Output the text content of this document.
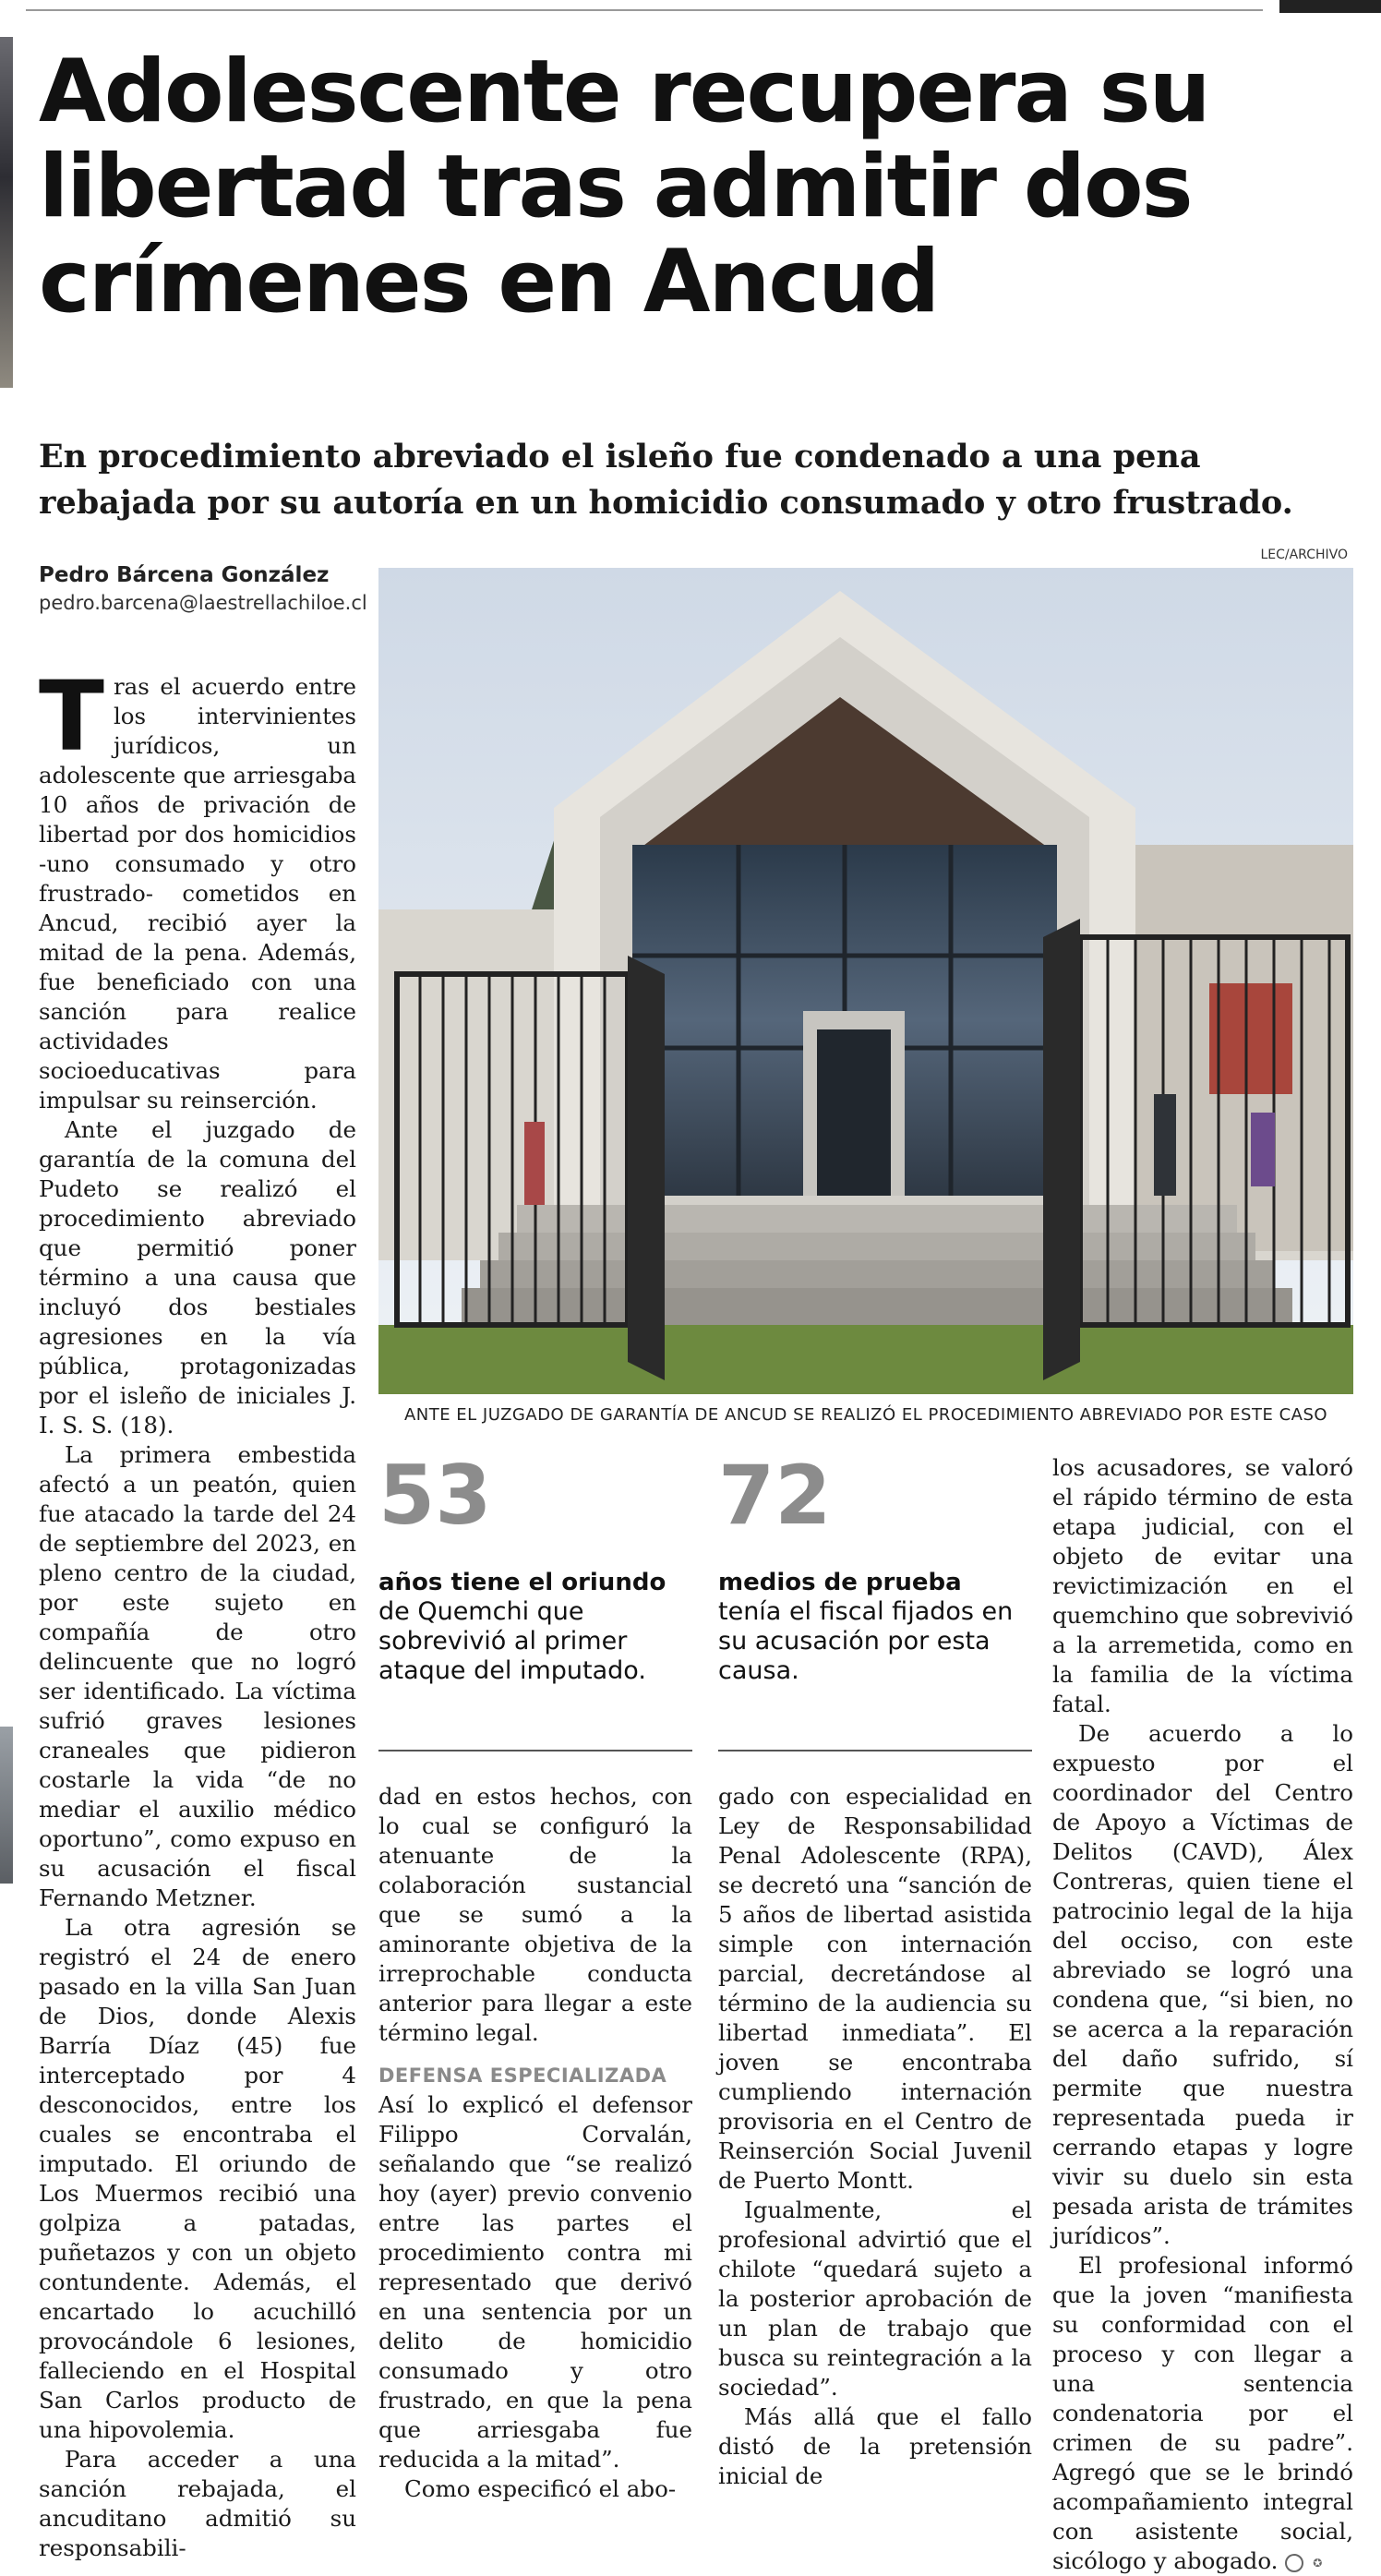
Adolescente recupera su libertad tras admitir dos crímenes en Ancud
En procedimiento abreviado el isleño fue condenado a una pena rebajada por su autoría en un homicidio consumado y otro frustrado.
Pedro Bárcena González
pedro.barcena@laestrellachiloe.cl
LEC/ARCHIVO
ANTE EL JUZGADO DE GARANTÍA DE ANCUD SE REALIZÓ EL PROCEDIMIENTO ABREVIADO POR ESTE CASO

Tras el acuerdo entre los intervinientes jurídicos, un adolescente que arriesgaba 10 años de privación de libertad por dos homicidios -uno consumado y otro frustrado- cometidos en Ancud, recibió ayer la mitad de la pena. Además, fue beneficiado con una sanción para realice actividades socioeducativas para impulsar su reinserción.

Ante el juzgado de garantía de la comuna del Pudeto se realizó el procedimiento abreviado que permitió poner término a una causa que incluyó dos bestiales agresiones en la vía pública, protagonizadas por el isleño de iniciales J. I. S. S. (18).

La primera embestida afectó a un peatón, quien fue atacado la tarde del 24 de septiembre del 2023, en pleno centro de la ciudad, por este sujeto en compañía de otro delincuente que no logró ser identificado. La víctima sufrió graves lesiones craneales que pidieron costarle la vida “de no mediar el auxilio médico oportuno”, como expuso en su acusación el fiscal Fernando Metzner.

La otra agresión se registró el 24 de enero pasado en la villa San Juan de Dios, donde Alexis Barría Díaz (45) fue interceptado por 4 desconocidos, entre los cuales se encontraba el imputado. El oriundo de Los Muermos recibió una golpiza a patadas, puñetazos y con un objeto contundente. Además, el encartado lo acuchilló provocándole 6 lesiones, falleciendo en el Hospital San Carlos producto de una hipovolemia.

Para acceder a una sanción rebajada, el ancuditano admitió su responsabili-

53
años tiene el oriundo
de Quemchi que sobrevivió al primer ataque del imputado.
72
medios de prueba
tenía el fiscal fijados en su acusación por esta causa.

dad en estos hechos, con lo cual se configuró la atenuante de la colaboración sustancial que se sumó a la aminorante objetiva de la irreprochable conducta anterior para llegar a este término legal.

DEFENSA ESPECIALIZADA

Así lo explicó el defensor Filippo Corvalán, señalando que “se realizó hoy (ayer) previo convenio entre las partes el procedimiento contra mi representado que derivó en una sentencia por un delito de homicidio consumado y otro frustrado, en que la pena que arriesgaba fue reducida a la mitad”.

Como especificó el abo-

gado con especialidad en Ley de Responsabilidad Penal Adolescente (RPA), se decretó una “sanción de 5 años de libertad asistida simple con internación parcial, decretándose al término de la audiencia su libertad inmediata”. El joven se encontraba cumpliendo internación provisoria en el Centro de Reinserción Social Juvenil de Puerto Montt.

Igualmente, el profesional advirtió que el chilote “quedará sujeto a la posterior aprobación de un plan de trabajo que busca su reintegración a la sociedad”.

Más allá que el fallo distó de la pretensión inicial de

los acusadores, se valoró el rápido término de esta etapa judicial, con el objeto de evitar una revictimización en el quemchino que sobrevivió a la arremetida, como en la familia de la víctima fatal.

De acuerdo a lo expuesto por el coordinador del Centro de Apoyo a Víctimas de Delitos (CAVD), Álex Contreras, quien tiene el patrocinio legal de la hija del occiso, con este abreviado se logró una condena que, “si bien, no se acerca a la reparación del daño sufrido, sí permite que nuestra representada pueda ir cerrando etapas y logre vivir su duelo sin esta pesada arista de trámites jurídicos”.

El profesional informó que la joven “manifiesta su conformidad con el proceso y con llegar a una sentencia condenatoria por el crimen de su padre”. Agregó que se le brindó acompañamiento integral con asistente social, sicólogo y abogado.	✪
